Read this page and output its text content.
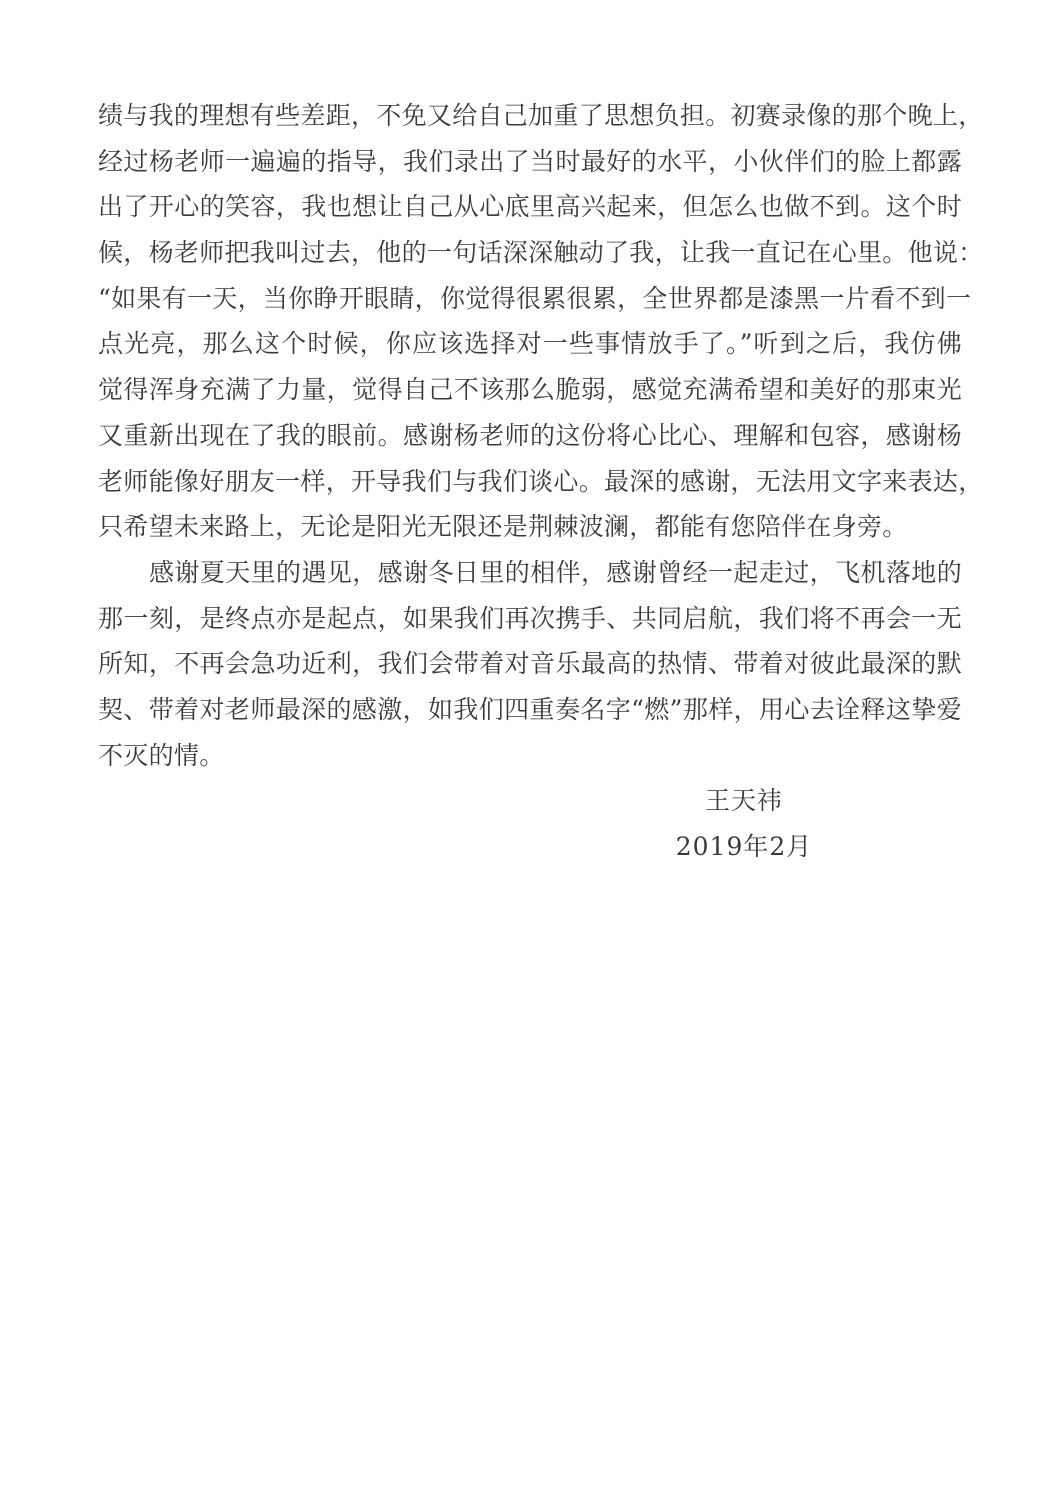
绩与我的理想有些差距，不免又给自己加重了思想负担。初赛录像的那个晚上，
经过杨老师一遍遍的指导，我们录出了当时最好的水平，小伙伴们的脸上都露
出了开心的笑容，我也想让自己从心底里高兴起来，但怎么也做不到。这个时
候，杨老师把我叫过去，他的一句话深深触动了我，让我一直记在心里。他说：
“如果有一天，当你睁开眼睛，你觉得很累很累，全世界都是漆黑一片看不到一
点光亮，那么这个时候，你应该选择对一些事情放手了。”听到之后，我仿佛
觉得浑身充满了力量，觉得自己不该那么脆弱，感觉充满希望和美好的那束光
又重新出现在了我的眼前。感谢杨老师的这份将心比心、理解和包容，感谢杨
老师能像好朋友一样，开导我们与我们谈心。最深的感谢，无法用文字来表达，
只希望未来路上，无论是阳光无限还是荆棘波澜，都能有您陪伴在身旁。
感谢夏天里的遇见，感谢冬日里的相伴，感谢曾经一起走过，飞机落地的
那一刻，是终点亦是起点，如果我们再次携手、共同启航，我们将不再会一无
所知，不再会急功近利，我们会带着对音乐最高的热情、带着对彼此最深的默
契、带着对老师最深的感激，如我们四重奏名字“燃”那样，用心去诠释这挚爱
不灭的情。
王天祎
2019年2月
